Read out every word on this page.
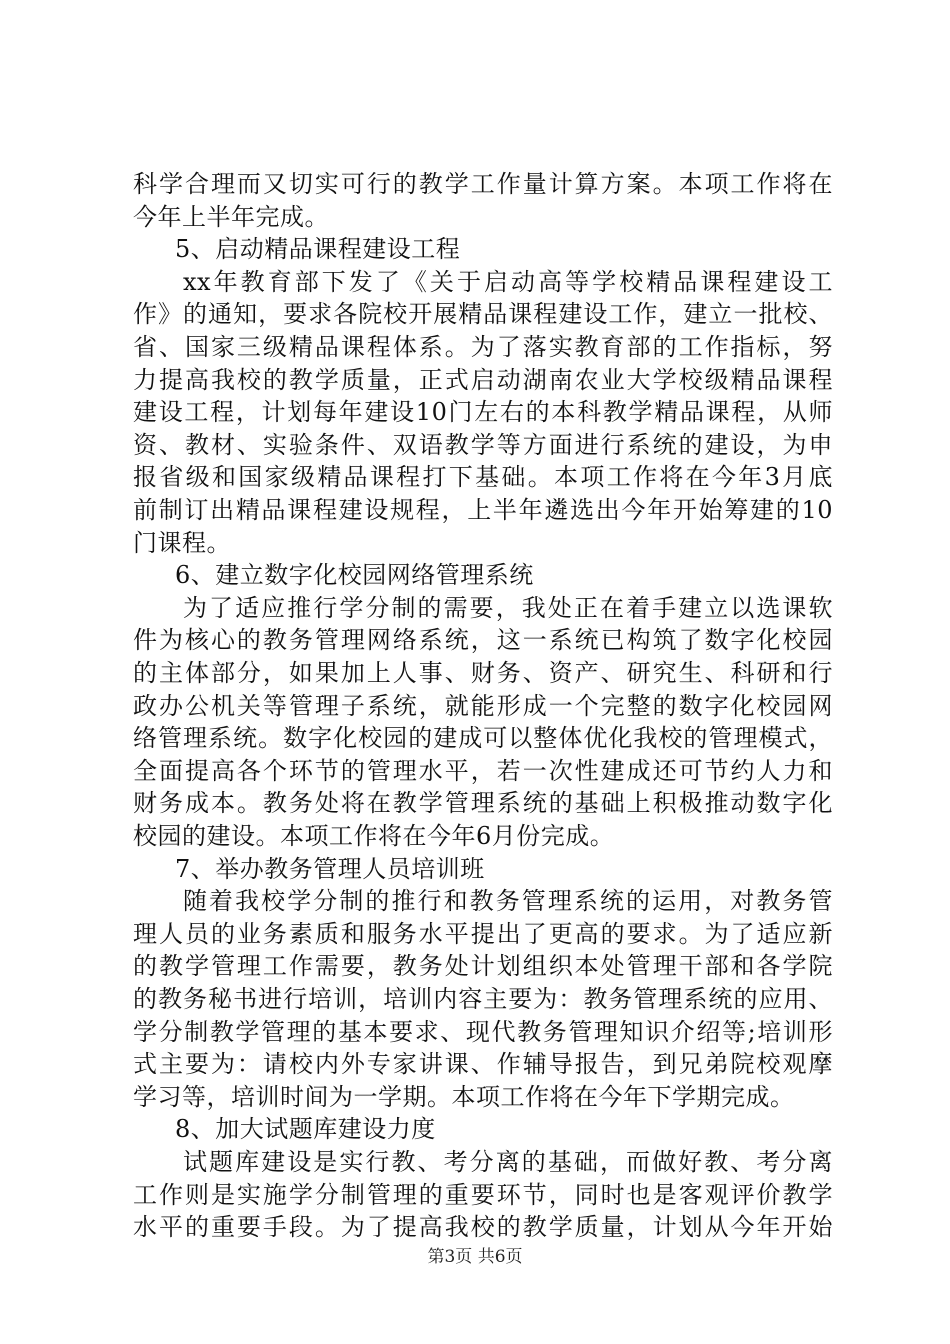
科学合理而又切实可行的教学工作量计算方案。本项工作将在
今年上半年完成。
5、启动精品课程建设工程
xx年教育部下发了《关于启动高等学校精品课程建设工
作》的通知，要求各院校开展精品课程建设工作，建立一批校、
省、国家三级精品课程体系。为了落实教育部的工作指标，努
力提高我校的教学质量，正式启动湖南农业大学校级精品课程
建设工程，计划每年建设10门左右的本科教学精品课程，从师
资、教材、实验条件、双语教学等方面进行系统的建设，为申
报省级和国家级精品课程打下基础。本项工作将在今年3月底
前制订出精品课程建设规程，上半年遴选出今年开始筹建的10
门课程。
6、建立数字化校园网络管理系统
为了适应推行学分制的需要，我处正在着手建立以选课软
件为核心的教务管理网络系统，这一系统已构筑了数字化校园
的主体部分，如果加上人事、财务、资产、研究生、科研和行
政办公机关等管理子系统，就能形成一个完整的数字化校园网
络管理系统。数字化校园的建成可以整体优化我校的管理模式，
全面提高各个环节的管理水平，若一次性建成还可节约人力和
财务成本。教务处将在教学管理系统的基础上积极推动数字化
校园的建设。本项工作将在今年6月份完成。
7、举办教务管理人员培训班
随着我校学分制的推行和教务管理系统的运用，对教务管
理人员的业务素质和服务水平提出了更高的要求。为了适应新
的教学管理工作需要，教务处计划组织本处管理干部和各学院
的教务秘书进行培训，培训内容主要为：教务管理系统的应用、
学分制教学管理的基本要求、现代教务管理知识介绍等;培训形
式主要为：请校内外专家讲课、作辅导报告，到兄弟院校观摩
学习等，培训时间为一学期。本项工作将在今年下学期完成。
8、加大试题库建设力度
试题库建设是实行教、考分离的基础，而做好教、考分离
工作则是实施学分制管理的重要环节，同时也是客观评价教学
水平的重要手段。为了提高我校的教学质量，计划从今年开始
第3页 共6页
